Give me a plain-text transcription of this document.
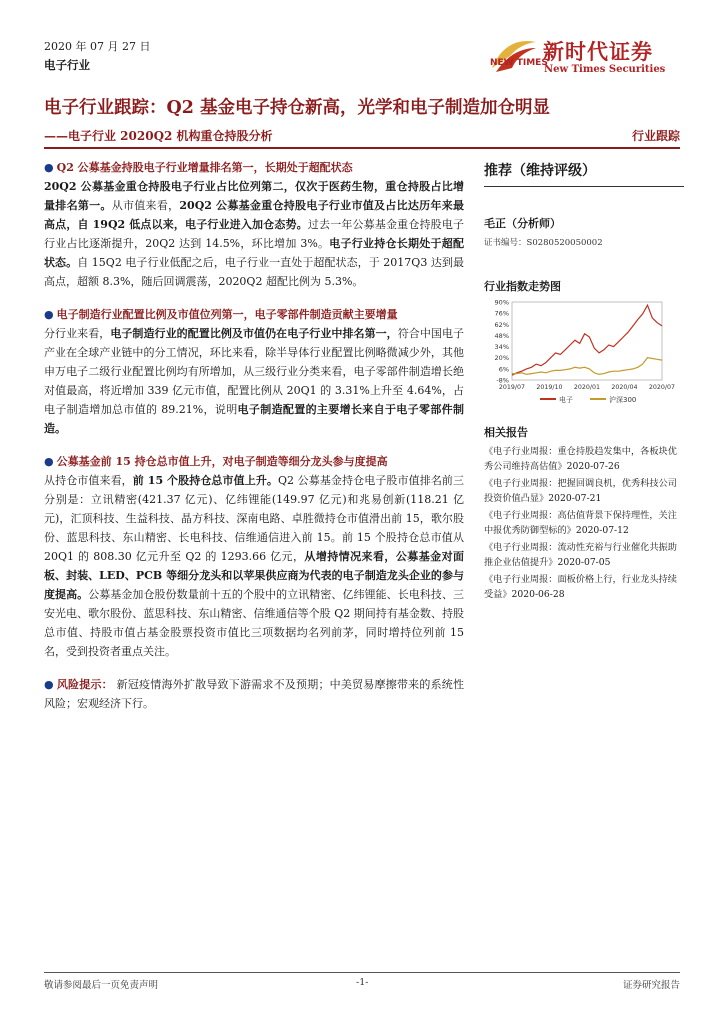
2020 年 07 月 27 日
电子行业	NEW TIMES
新时代证券
New Times Securities
电子行业跟踪：Q2 基金电子持仓新高，光学和电子制造加仓明显
——电子行业 2020Q2 机构重仓持股分析	行业跟踪

● Q2 公募基金持股电子行业增量排名第一，长期处于超配状态

20Q2 公募基金重仓持股电子行业占比位列第二，仅次于医药生物，重仓持股占比增量排名第一。从市值来看，20Q2 公募基金重仓持股电子行业市值及占比达历年来最高点，自 19Q2 低点以来，电子行业进入加仓态势。过去一年公募基金重仓持股电子行业占比逐渐提升，20Q2 达到 14.5%，环比增加 3%。电子行业持仓长期处于超配状态。自 15Q2 电子行业低配之后，电子行业一直处于超配状态，于 2017Q3 达到最高点，超额 8.3%，随后回调震荡，2020Q2 超配比例为 5.3%。

● 电子制造行业配置比例及市值位列第一，电子零部件制造贡献主要增量

分行业来看，电子制造行业的配置比例及市值仍在电子行业中排名第一，符合中国电子产业在全球产业链中的分工情况，环比来看，除半导体行业配置比例略微减少外，其他申万电子二级行业配置比例均有所增加，从三级行业分类来看，电子零部件制造增长绝对值最高，将近增加 339 亿元市值，配置比例从 20Q1 的 3.31%上升至 4.64%，占电子制造增加总市值的 89.21%，说明电子制造配置的主要增长来自于电子零部件制造。

● 公募基金前 15 持仓总市值上升，对电子制造等细分龙头参与度提高

从持仓市值来看，前 15 个股持仓总市值上升。Q2 公募基金持仓电子股市值排名前三分别是：立讯精密(421.37 亿元)、亿纬锂能(149.97 亿元)和兆易创新(118.21 亿元)，汇顶科技、生益科技、晶方科技、深南电路、卓胜微持仓市值滑出前 15，歌尔股份、蓝思科技、东山精密、长电科技、信维通信进入前 15。前 15 个股持仓总市值从 20Q1 的 808.30 亿元升至 Q2 的 1293.66 亿元，从增持情况来看，公募基金对面板、封装、LED、PCB 等细分龙头和以苹果供应商为代表的电子制造龙头企业的参与度提高。公募基金加仓股份数量前十五的个股中的立讯精密、亿纬锂能、长电科技、三安光电、歌尔股份、蓝思科技、东山精密、信维通信等个股 Q2 期间持有基金数、持股总市值、持股市值占基金股票投资市值比三项数据均名列前茅，同时增持位列前 15 名，受到投资者重点关注。

● 风险提示： 新冠疫情海外扩散导致下游需求不及预期；中美贸易摩擦带来的系统性风险；宏观经济下行。

推荐（维持评级）
毛正（分析师）
证书编号：S0280520050002
行业指数走势图
90%
76%
62%
48%
34%
20%
6%
-8%
2019/07 2019/10 2020/01 2020/04 2020/07
电子	沪深300
相关报告
《电子行业周报：重仓持股趋发集中，各板块优秀公司维持高估值》2020-07-26
《电子行业周报：把握回调良机，优秀科技公司投资价值凸显》2020-07-21
《电子行业周报：高估值背景下保持理性，关注中报优秀防御型标的》2020-07-12
《电子行业周报：流动性充裕与行业催化共振助推企业估值提升》2020-07-05
《电子行业周报：面板价格上行，行业龙头持续受益》2020-06-28
敬请参阅最后一页免责声明	-1-	证券研究报告
